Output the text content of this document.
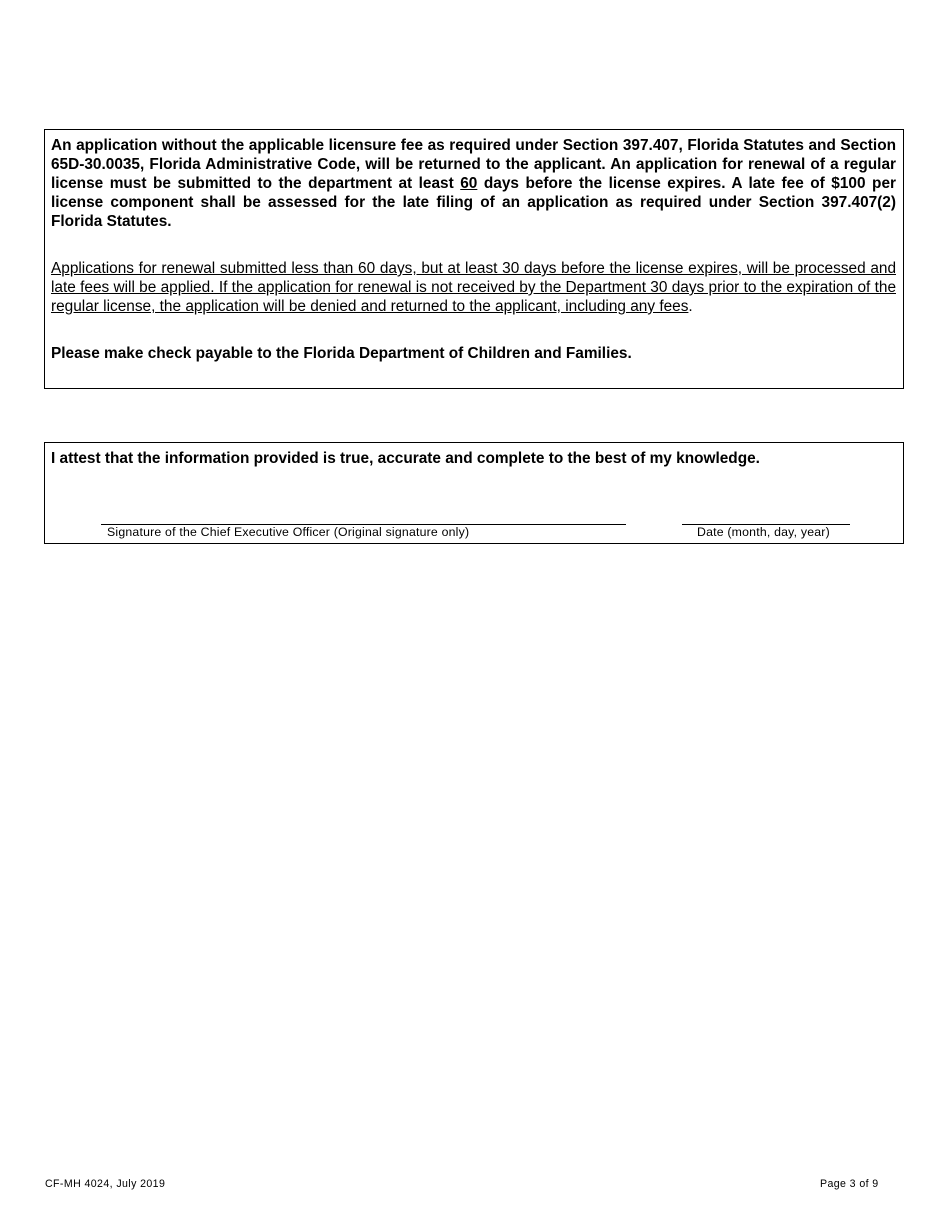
An application without the applicable licensure fee as required under Section 397.407, Florida Statutes and Section 65D-30.0035, Florida Administrative Code, will be returned to the applicant. An application for renewal of a regular license must be submitted to the department at least 60 days before the license expires. A late fee of $100 per license component shall be assessed for the late filing of an application as required under Section 397.407(2) Florida Statutes.

Applications for renewal submitted less than 60 days, but at least 30 days before the license expires, will be processed and late fees will be applied. If the application for renewal is not received by the Department 30 days prior to the expiration of the regular license, the application will be denied and returned to the applicant, including any fees.

Please make check payable to the Florida Department of Children and Families.

I attest that the information provided is true, accurate and complete to the best of my knowledge.
Signature of the Chief Executive Officer (Original signature only)	Date (month, day, year)
CF-MH 4024, July 2019	Page 3 of 9
